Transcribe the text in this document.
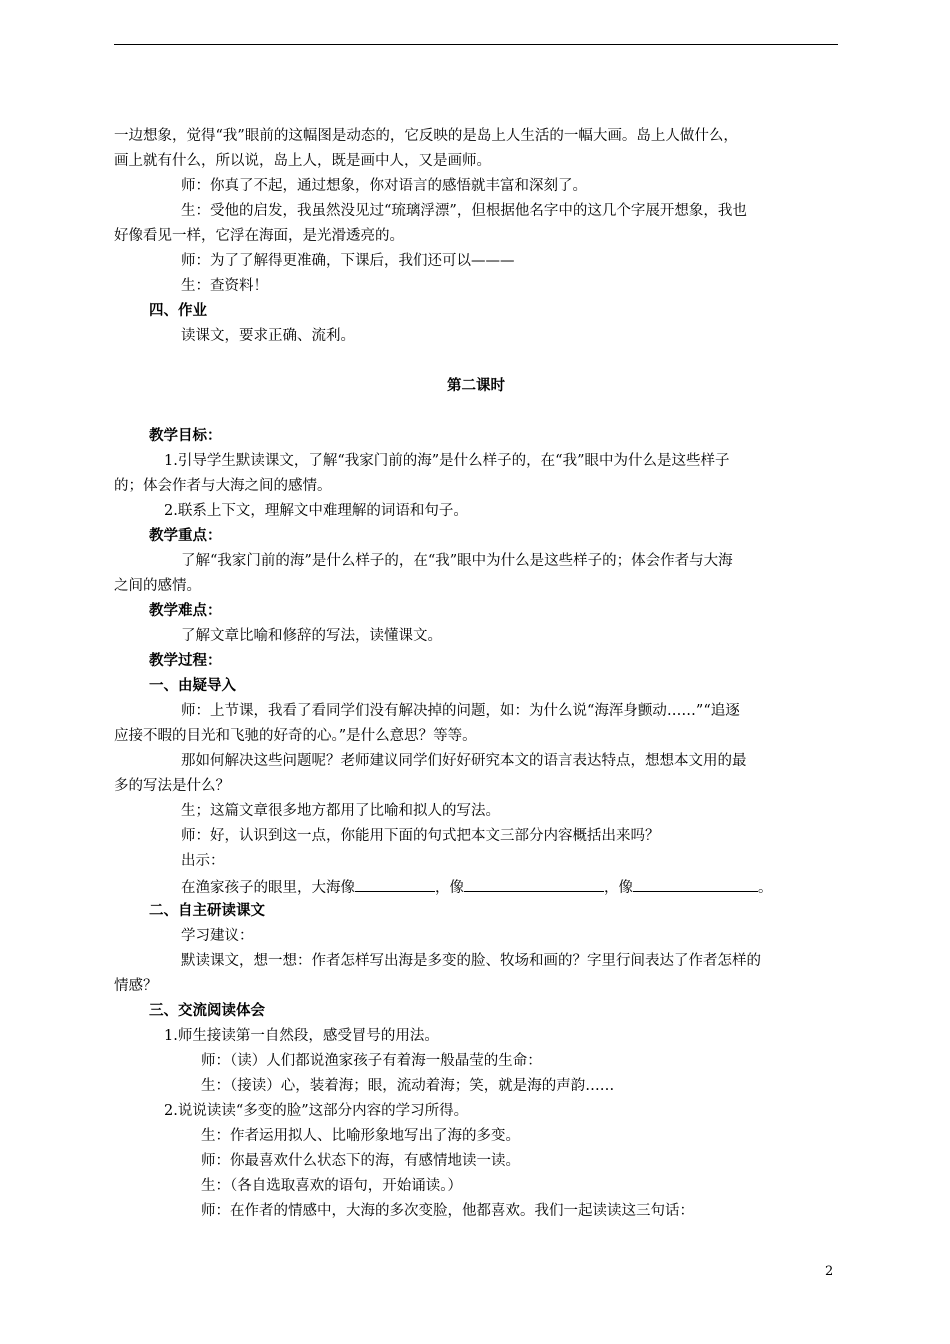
一边想象，觉得“我”眼前的这幅图是动态的，它反映的是岛上人生活的一幅大画。岛上人做什么，
画上就有什么，所以说，岛上人，既是画中人，又是画师。
师：你真了不起，通过想象，你对语言的感悟就丰富和深刻了。
生：受他的启发，我虽然没见过“琉璃浮漂”，但根据他名字中的这几个字展开想象，我也
好像看见一样，它浮在海面，是光滑透亮的。
师：为了了解得更准确，下课后，我们还可以———
生：查资料！
四、作业
读课文，要求正确、流利。
第二课时
教学目标：
1.引导学生默读课文，了解“我家门前的海”是什么样子的，在“我”眼中为什么是这些样子
的；体会作者与大海之间的感情。
2.联系上下文，理解文中难理解的词语和句子。
教学重点：
了解“我家门前的海”是什么样子的，在“我”眼中为什么是这些样子的；体会作者与大海
之间的感情。
教学难点：
了解文章比喻和修辞的写法，读懂课文。
教学过程：
一、由疑导入
师：上节课，我看了看同学们没有解决掉的问题，如：为什么说“海浑身颤动……”“追逐
应接不暇的目光和飞驰的好奇的心。”是什么意思？等等。
那如何解决这些问题呢？老师建议同学们好好研究本文的语言表达特点，想想本文用的最
多的写法是什么？
生；这篇文章很多地方都用了比喻和拟人的写法。
师：好，认识到这一点，你能用下面的句式把本文三部分内容概括出来吗？
出示：
在渔家孩子的眼里，大海像	，像	，像	。
二、自主研读课文
学习建议：
默读课文，想一想：作者怎样写出海是多变的脸、牧场和画的？字里行间表达了作者怎样的
情感？
三、交流阅读体会
1.师生接读第一自然段，感受冒号的用法。
师：（读）人们都说渔家孩子有着海一般晶莹的生命：
生：（接读）心，装着海；眼，流动着海；笑，就是海的声韵……
2.说说读读“多变的脸”这部分内容的学习所得。
生：作者运用拟人、比喻形象地写出了海的多变。
师：你最喜欢什么状态下的海，有感情地读一读。
生：（各自选取喜欢的语句，开始诵读。）
师：在作者的情感中，大海的多次变脸，他都喜欢。我们一起读读这三句话：
2
